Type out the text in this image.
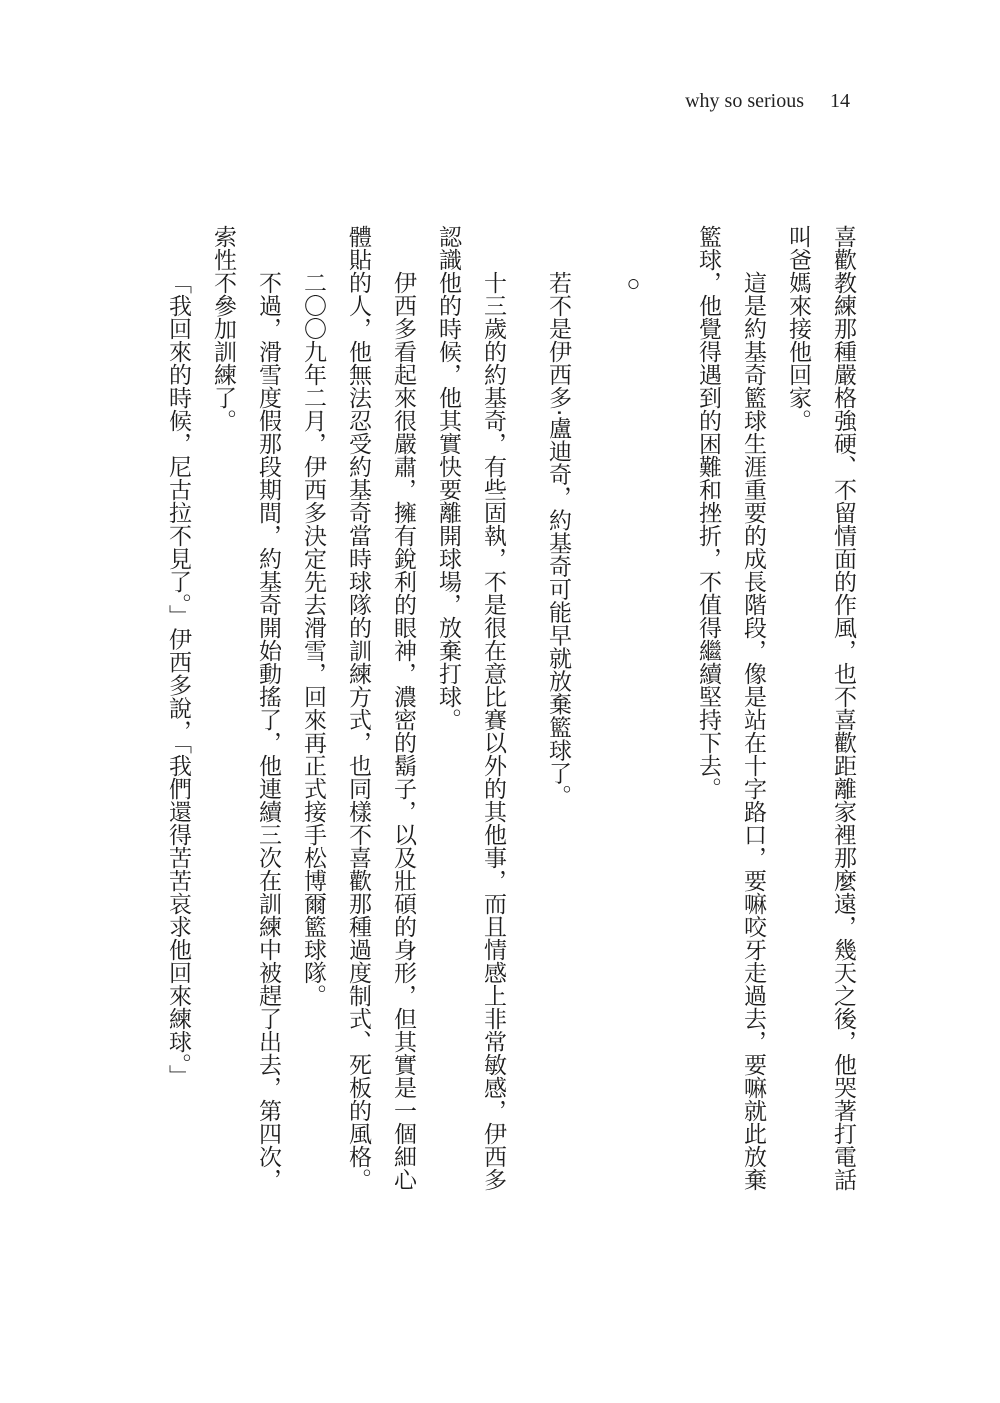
why so serious 14
喜歡教練那種嚴格強硬、不留情面的作風，也不喜歡距離家裡那麼遠，幾天之後，他哭著打電話
叫爸媽來接他回家。
這是約基奇籃球生涯重要的成長階段，像是站在十字路口，要嘛咬牙走過去，要嘛就此放棄
籃球，他覺得遇到的困難和挫折，不值得繼續堅持下去。
○
若不是伊西多‧盧迪奇，約基奇可能早就放棄籃球了。
十三歲的約基奇，有些固執，不是很在意比賽以外的其他事，而且情感上非常敏感，伊西多
認識他的時候，他其實快要離開球場，放棄打球。
伊西多看起來很嚴肅，擁有銳利的眼神，濃密的鬍子，以及壯碩的身形，但其實是一個細心
體貼的人，他無法忍受約基奇當時球隊的訓練方式，也同樣不喜歡那種過度制式、死板的風格。
二〇〇九年二月，伊西多決定先去滑雪，回來再正式接手松博爾籃球隊。
不過，滑雪度假那段期間，約基奇開始動搖了，他連續三次在訓練中被趕了出去，第四次，
索性不參加訓練了。
「我回來的時候，尼古拉不見了。」伊西多說，「我們還得苦苦哀求他回來練球。」
